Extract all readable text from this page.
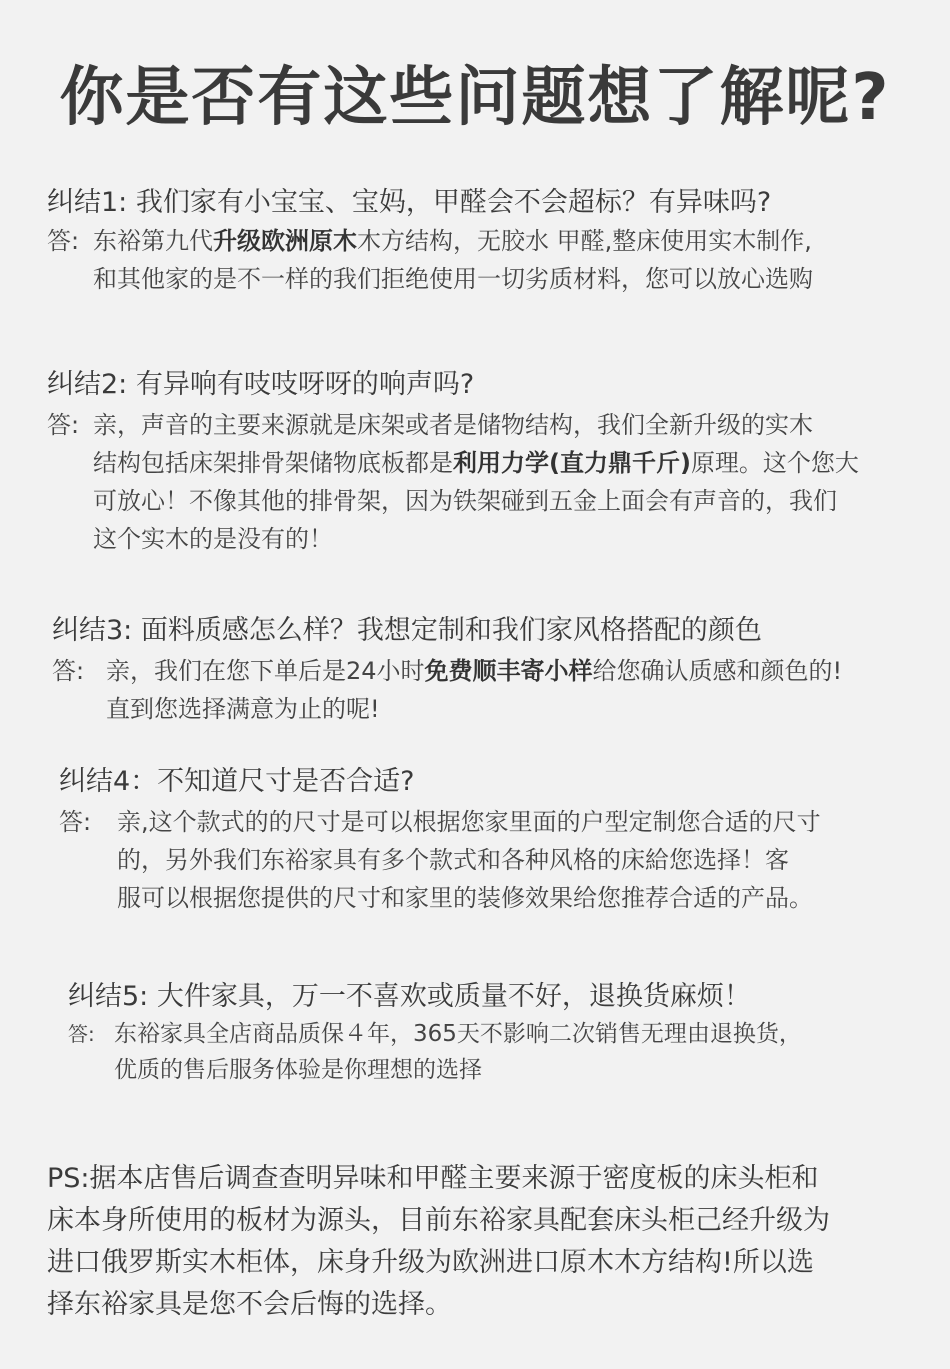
你是否有这些问题想了解呢?
纠结1: 我们家有小宝宝、宝妈，甲醛会不会超标？有异味吗?
答: 东裕第九代升级欧洲原木木方结构，无胶水 甲醛,整床使用实木制作,
和其他家的是不一样的我们拒绝使用一切劣质材料，您可以放心选购
纠结2: 有异响有吱吱呀呀的响声吗?
答: 亲，声音的主要来源就是床架或者是储物结构，我们全新升级的实木
结构包括床架排骨架储物底板都是利用力学(直力鼎千斤)原理。这个您大
可放心！不像其他的排骨架，因为铁架碰到五金上面会有声音的，我们
这个实木的是没有的！
纠结3: 面料质感怎么样？我想定制和我们家风格搭配的颜色
答: 亲，我们在您下单后是24小时免费顺丰寄小样给您确认质感和颜色的!
直到您选择满意为止的呢!
纠结4：不知道尺寸是否合适?
答: 亲,这个款式的的尺寸是可以根据您家里面的户型定制您合适的尺寸
的，另外我们东裕家具有多个款式和各种风格的床給您选择！客
服可以根据您提供的尺寸和家里的装修效果给您推荐合适的产品。
纠结5: 大件家具，万一不喜欢或质量不好，退换货麻烦！
答: 东裕家具全店商品质保４年，365天不影响二次销售无理由退换货，
优质的售后服务体验是你理想的选择
PS:据本店售后调查查明异味和甲醛主要来源于密度板的床头柜和
床本身所使用的板材为源头，目前东裕家具配套床头柜己经升级为
进口俄罗斯实木柜体，床身升级为欧洲进口原木木方结构!所以选
择东裕家具是您不会后悔的选择。
